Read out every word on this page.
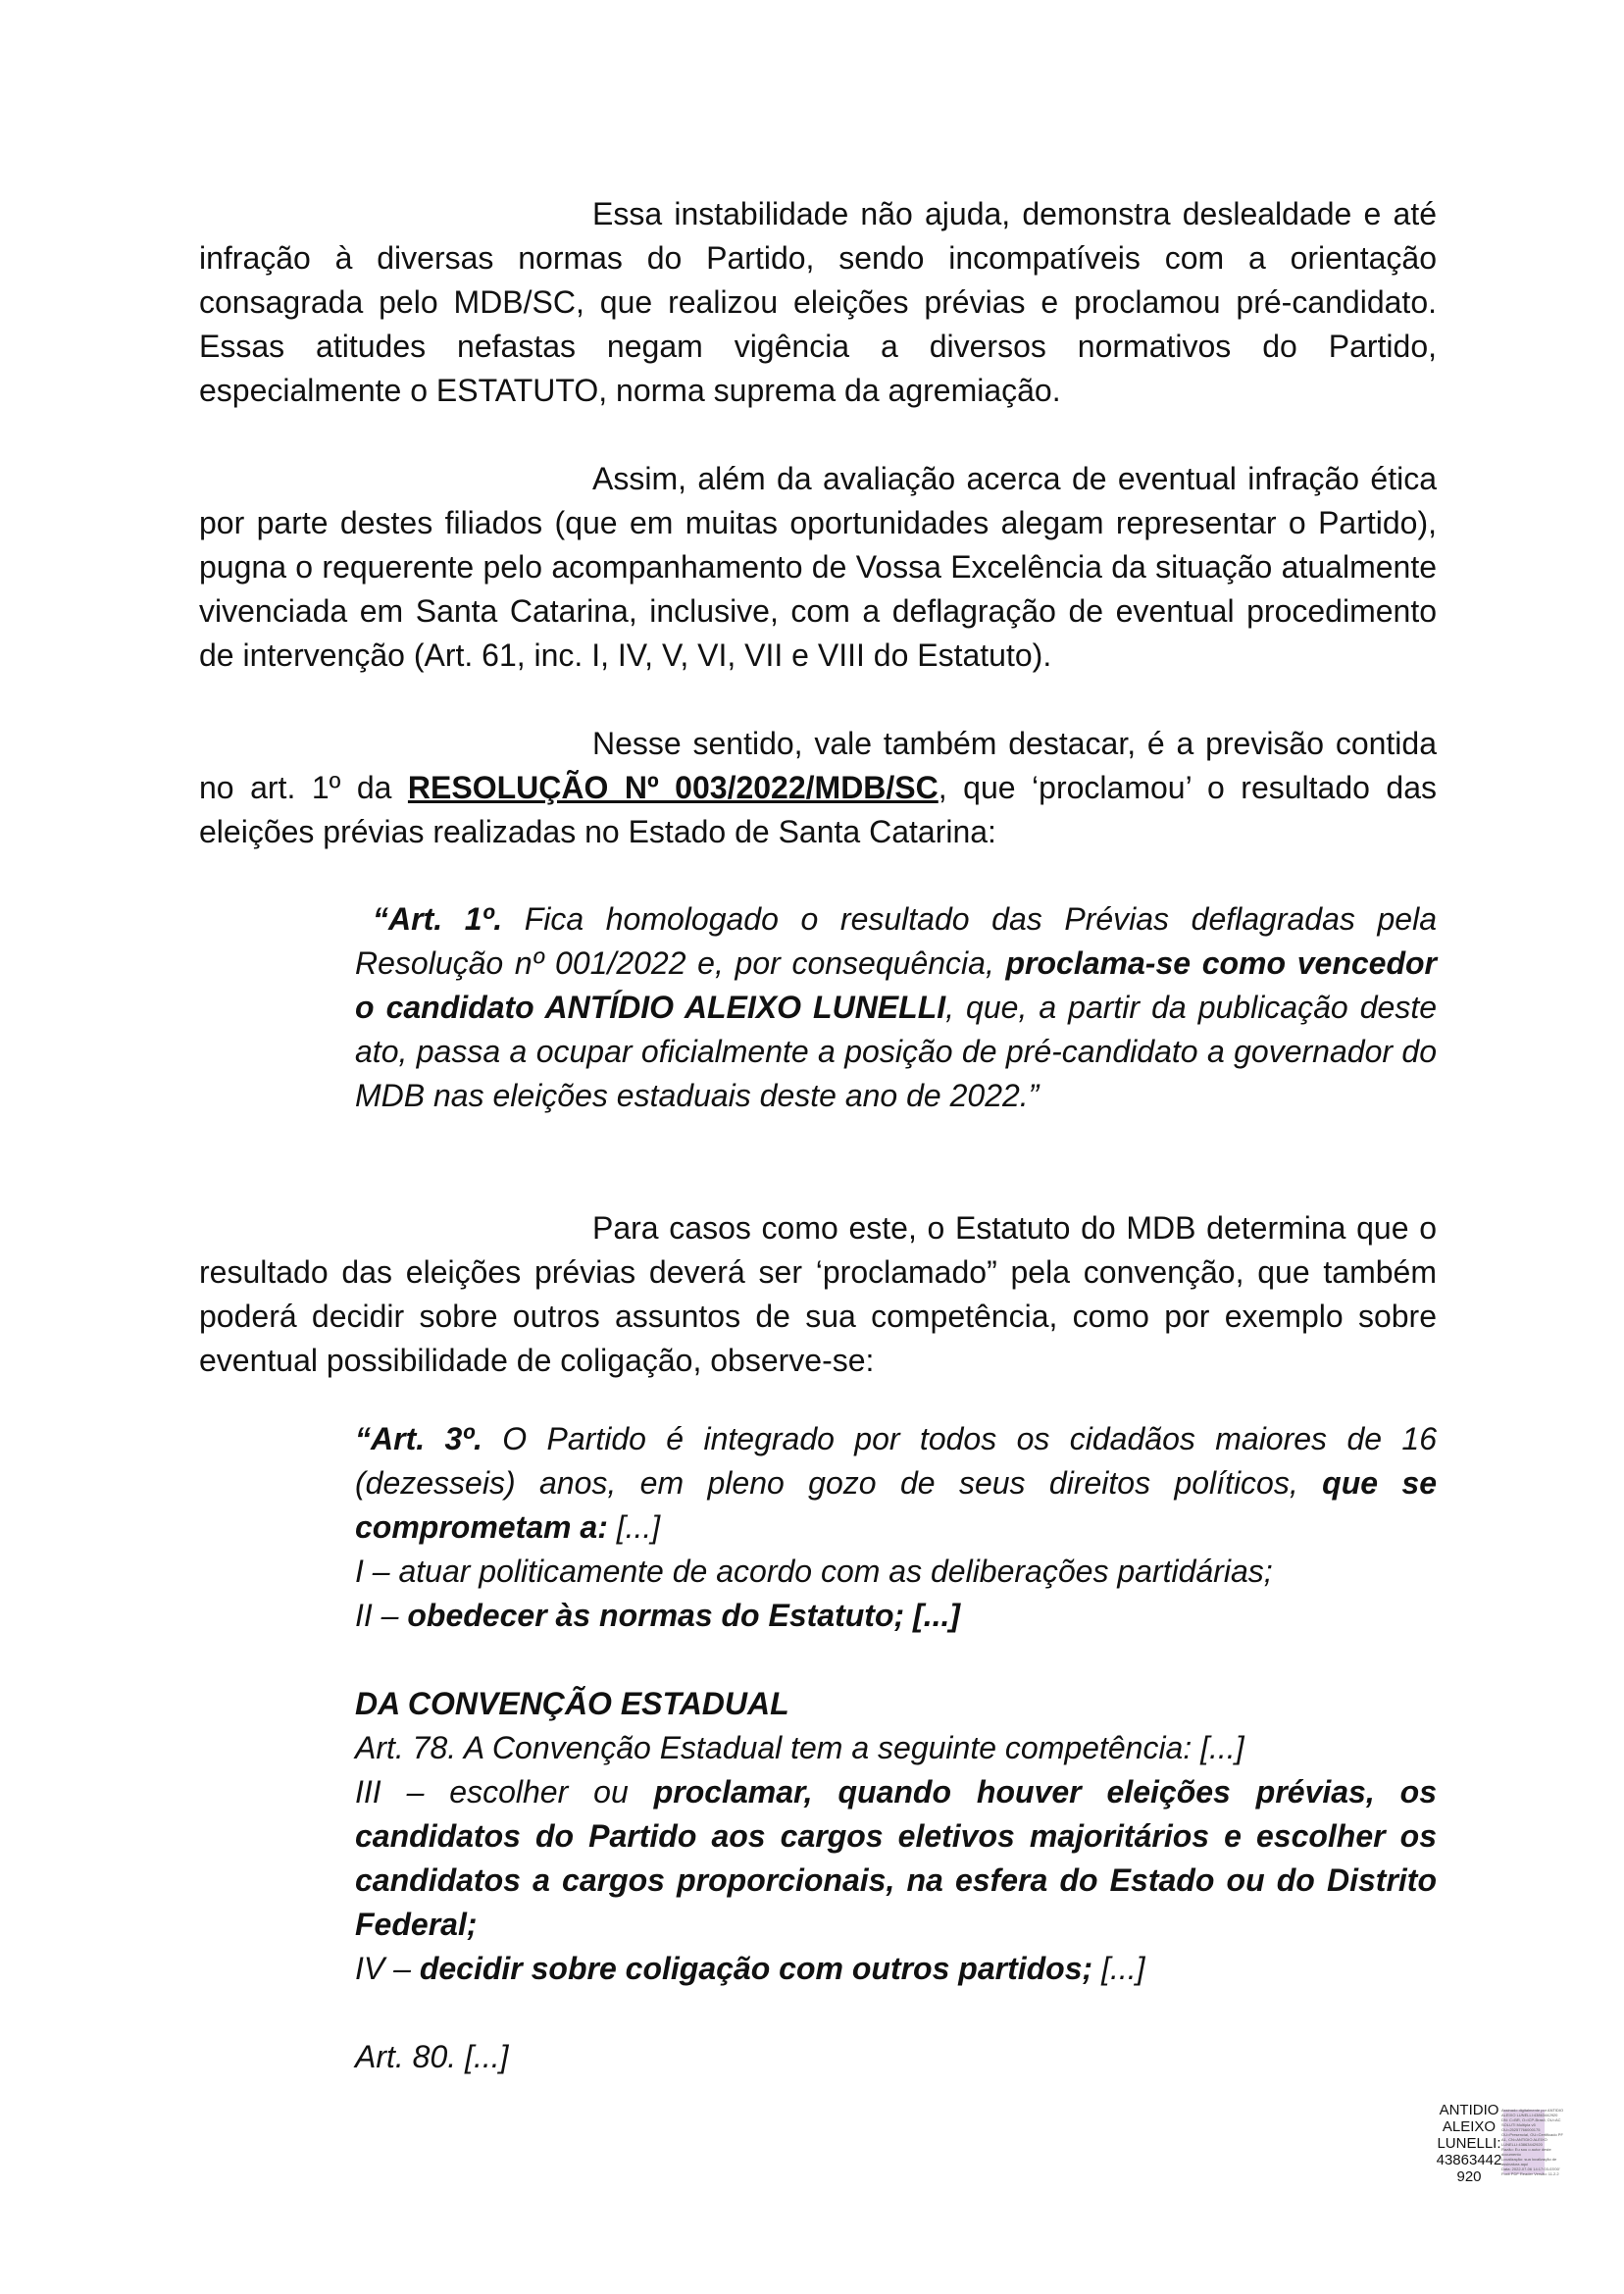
Essa instabilidade não ajuda, demonstra deslealdade e até infração à diversas normas do Partido, sendo incompatíveis com a orientação consagrada pelo MDB/SC, que realizou eleições prévias e proclamou pré-candidato. Essas atitudes nefastas negam vigência a diversos normativos do Partido, especialmente o ESTATUTO, norma suprema da agremiação.

Assim, além da avaliação acerca de eventual infração ética por parte destes filiados (que em muitas oportunidades alegam representar o Partido), pugna o requerente pelo acompanhamento de Vossa Excelência da situação atualmente vivenciada em Santa Catarina, inclusive, com a deflagração de eventual procedimento de intervenção (Art. 61, inc. I, IV, V, VI, VII e VIII do Estatuto).

Nesse sentido, vale também destacar, é a previsão contida no art. 1º da RESOLUÇÃO Nº 003/2022/MDB/SC, que ‘proclamou’ o resultado das eleições prévias realizadas no Estado de Santa Catarina:

“Art. 1º. Fica homologado o resultado das Prévias deflagradas pela Resolução nº 001/2022 e, por consequência, proclama-se como vencedor o candidato ANTÍDIO ALEIXO LUNELLI, que, a partir da publicação deste ato, passa a ocupar oficialmente a posição de pré-candidato a governador do MDB nas eleições estaduais deste ano de 2022.”

Para casos como este, o Estatuto do MDB determina que o resultado das eleições prévias deverá ser ‘proclamado” pela convenção, que também poderá decidir sobre outros assuntos de sua competência, como por exemplo sobre eventual possibilidade de coligação, observe-se:

“Art. 3º. O Partido é integrado por todos os cidadãos maiores de 16 (dezesseis) anos, em pleno gozo de seus direitos políticos, que se comprometam a: [...]
I – atuar politicamente de acordo com as deliberações partidárias;
II – obedecer às normas do Estatuto; [...]
DA CONVENÇÃO ESTADUAL
Art. 78. A Convenção Estadual tem a seguinte competência: [...]
III – escolher ou proclamar, quando houver eleições prévias, os candidatos do Partido aos cargos eletivos majoritários e escolher os candidatos a cargos proporcionais, na esfera do Estado ou do Distrito Federal;
IV – decidir sobre coligação com outros partidos; [...]
Art. 80. [...]
ANTIDIO
ALEIXO
LUNELLI:
43863442
920
Assinado digitalmente por ANTIDIO
ALEIXO LUNELLI:43863442920
DN: C=BR, O=ICP-Brasil, OU=AC
SOLUTI Multipla v5
OU=25257766000175
OU=Presencial, OU=Certificado PF
A1, CN=ANTIDIO ALEIXO
LUNELLI:43863442920
Razão: Eu sou o autor deste
documento
Localização: sua localização de
assinatura aqui
Data: 2022-07-06 14:17:03-03'00'
Foxit PDF Reader Versão: 11.2.2
